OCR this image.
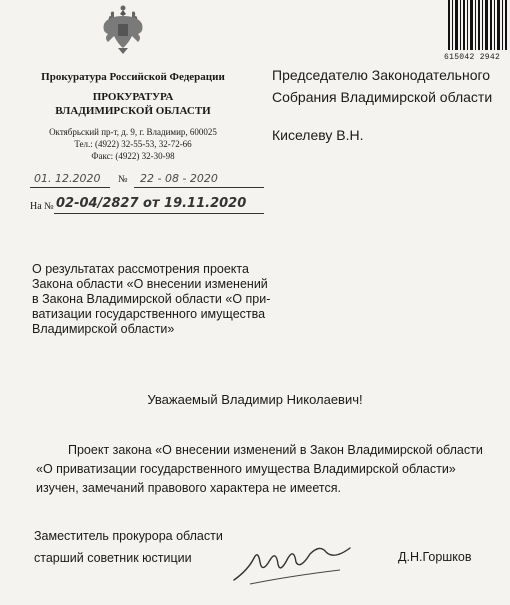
615042 2942
Прокуратура Российской Федерации
ПРОКУРАТУРА
ВЛАДИМИРСКОЙ ОБЛАСТИ
Октябрьский пр-т, д. 9, г. Владимир, 600025
Тел.: (4922) 32-55-53, 32-72-66
Факс: (4922) 32-30-98
Председателю Законодательного
Собрания Владимирской области
Киселеву В.Н.
01. 12.2020 № 22 - 08 - 2020
На № 02-04/2827 от 19.11.2020
О результатах рассмотрения проекта
Закона области «О внесении изменений
в Закона Владимирской области «О при-
ватизации государственного имущества
Владимирской области»
Уважаемый Владимир Николаевич!
Проект закона «О внесении изменений в Закон Владимирской области
«О приватизации государственного имущества Владимирской области»
изучен, замечаний правового характера не имеется.
Заместитель прокурора области
старший советник юстиции	Д.Н.Горшков
